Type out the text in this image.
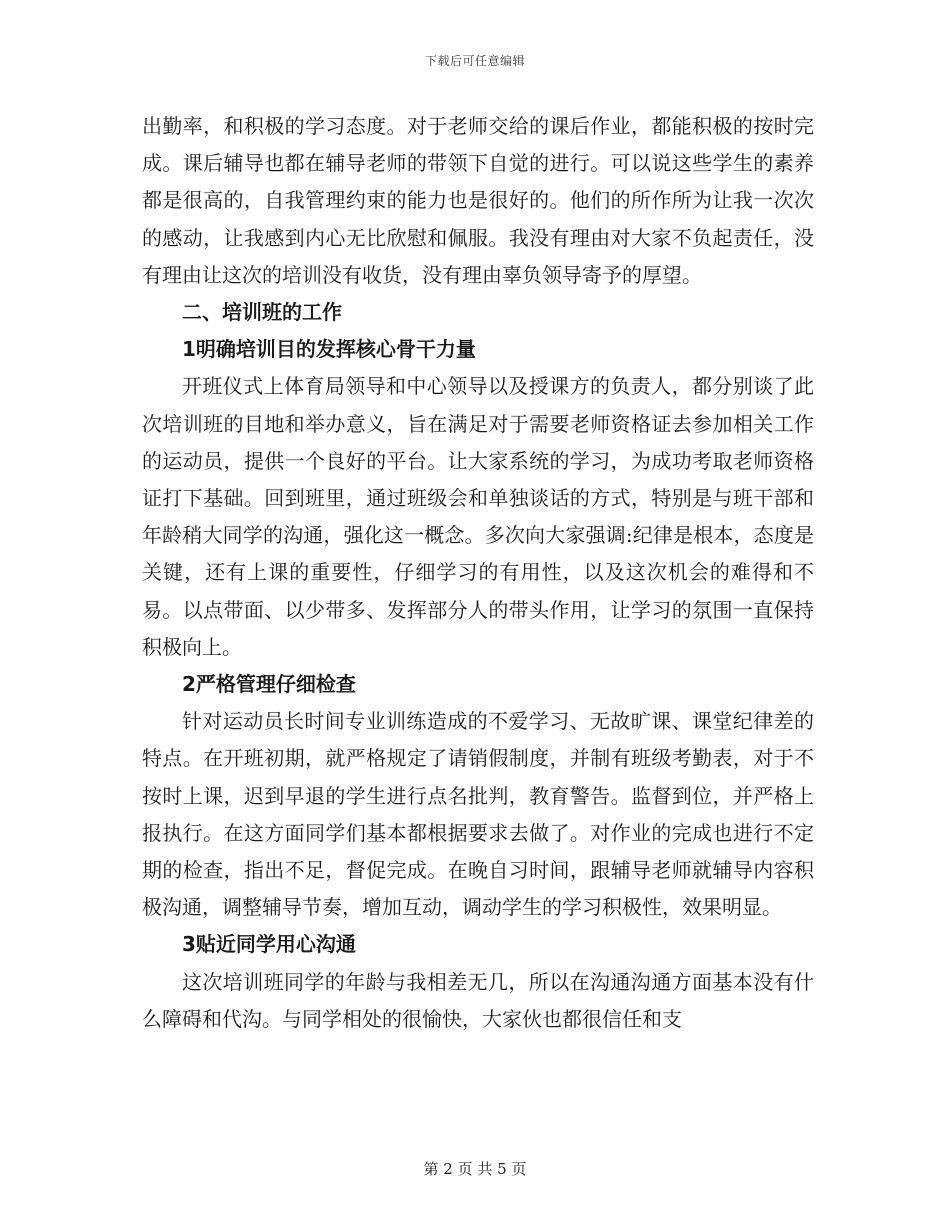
下载后可任意编辑

出勤率，和积极的学习态度。对于老师交给的课后作业，都能积极的按时完成。课后辅导也都在辅导老师的带领下自觉的进行。可以说这些学生的素养都是很高的，自我管理约束的能力也是很好的。他们的所作所为让我一次次的感动，让我感到内心无比欣慰和佩服。我没有理由对大家不负起责任，没有理由让这次的培训没有收货，没有理由辜负领导寄予的厚望。

二、培训班的工作

1明确培训目的发挥核心骨干力量

开班仪式上体育局领导和中心领导以及授课方的负责人，都分别谈了此次培训班的目地和举办意义，旨在满足对于需要老师资格证去参加相关工作的运动员，提供一个良好的平台。让大家系统的学习，为成功考取老师资格证打下基础。回到班里，通过班级会和单独谈话的方式，特别是与班干部和年龄稍大同学的沟通，强化这一概念。多次向大家强调:纪律是根本，态度是关键，还有上课的重要性，仔细学习的有用性，以及这次机会的难得和不易。以点带面、以少带多、发挥部分人的带头作用，让学习的氛围一直保持积极向上。

2严格管理仔细检查

针对运动员长时间专业训练造成的不爱学习、无故旷课、课堂纪律差的特点。在开班初期，就严格规定了请销假制度，并制有班级考勤表，对于不按时上课，迟到早退的学生进行点名批判，教育警告。监督到位，并严格上报执行。在这方面同学们基本都根据要求去做了。对作业的完成也进行不定期的检查，指出不足，督促完成。在晚自习时间，跟辅导老师就辅导内容积极沟通，调整辅导节奏，增加互动，调动学生的学习积极性，效果明显。

3贴近同学用心沟通

这次培训班同学的年龄与我相差无几，所以在沟通沟通方面基本没有什么障碍和代沟。与同学相处的很愉快，大家伙也都很信任和支

第 2 页 共 5 页
